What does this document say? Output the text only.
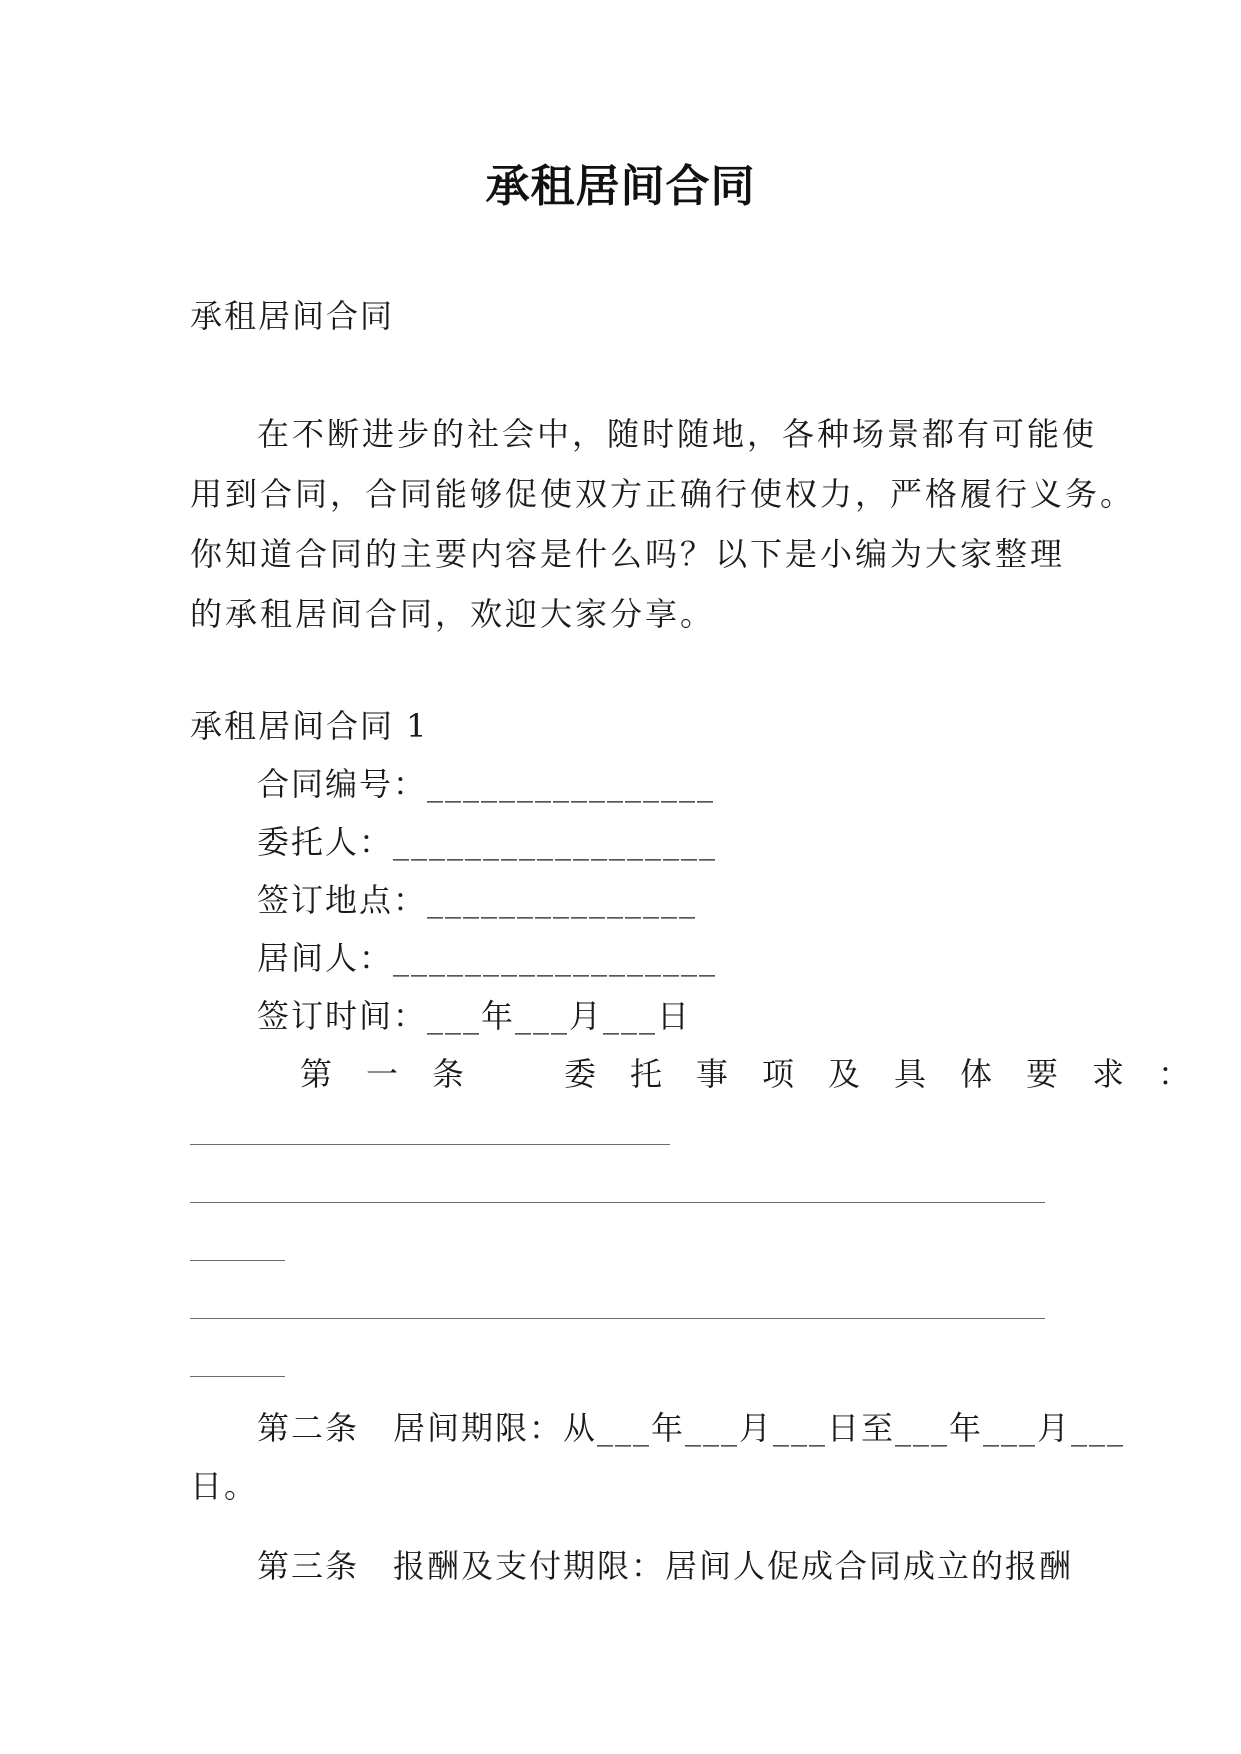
承租居间合同
承租居间合同
在不断进步的社会中，随时随地，各种场景都有可能使
用到合同，合同能够促使双方正确行使权力，严格履行义务。
你知道合同的主要内容是什么吗？以下是小编为大家整理
的承租居间合同，欢迎大家分享。
承租居间合同 1
合同编号：________________
委托人：__________________
签订地点：_______________
居间人：__________________
签订时间：___年___月___日
第一条　委托事项及具体要求：
第二条　居间期限：从___年___月___日至___年___月___
日。
第三条　报酬及支付期限：居间人促成合同成立的报酬
